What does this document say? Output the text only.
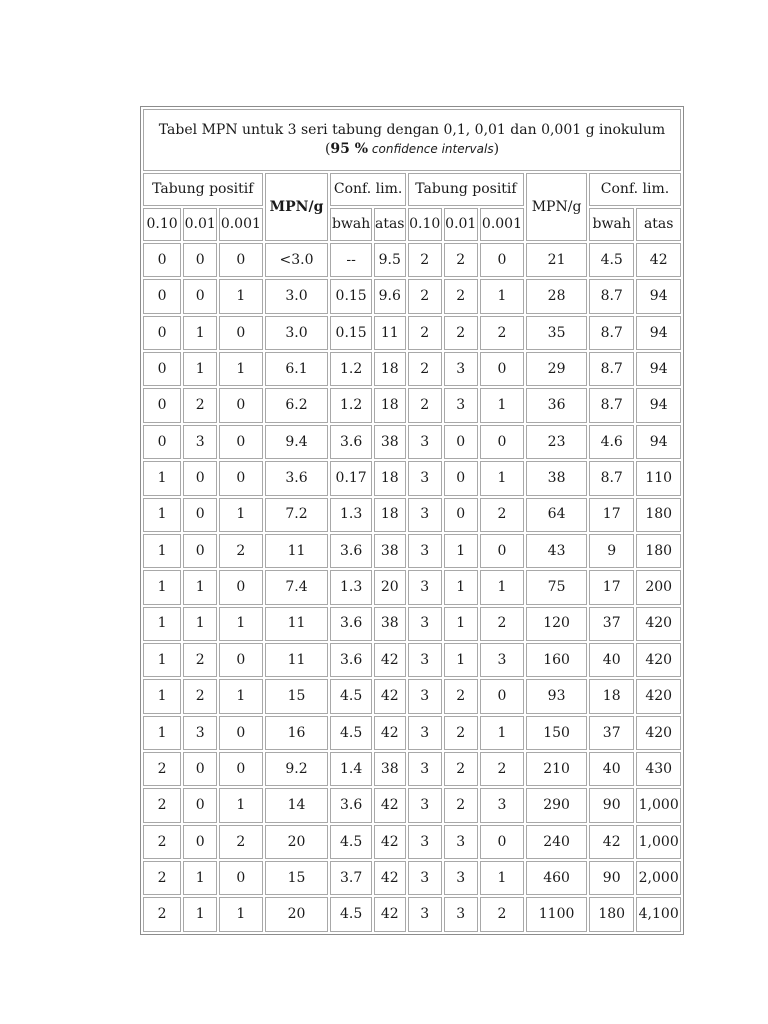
Tabel MPN untuk 3 seri tabung dengan 0,1, 0,01 dan 0,001 g inokulum
(95 % confidence intervals)											
Tabung positif			MPN/g	Conf. lim.		Tabung positif			MPN/g	Conf. lim.	
0.10	0.01	0.001		bwah	atas	0.10	0.01	0.001		bwah	atas
0	0	0	<3.0	--	9.5	2	2	0	21	4.5	42
0	0	1	3.0	0.15	9.6	2	2	1	28	8.7	94
0	1	0	3.0	0.15	11	2	2	2	35	8.7	94
0	1	1	6.1	1.2	18	2	3	0	29	8.7	94
0	2	0	6.2	1.2	18	2	3	1	36	8.7	94
0	3	0	9.4	3.6	38	3	0	0	23	4.6	94
1	0	0	3.6	0.17	18	3	0	1	38	8.7	110
1	0	1	7.2	1.3	18	3	0	2	64	17	180
1	0	2	11	3.6	38	3	1	0	43	9	180
1	1	0	7.4	1.3	20	3	1	1	75	17	200
1	1	1	11	3.6	38	3	1	2	120	37	420
1	2	0	11	3.6	42	3	1	3	160	40	420
1	2	1	15	4.5	42	3	2	0	93	18	420
1	3	0	16	4.5	42	3	2	1	150	37	420
2	0	0	9.2	1.4	38	3	2	2	210	40	430
2	0	1	14	3.6	42	3	2	3	290	90	1,000
2	0	2	20	4.5	42	3	3	0	240	42	1,000
2	1	0	15	3.7	42	3	3	1	460	90	2,000
2	1	1	20	4.5	42	3	3	2	1100	180	4,100
